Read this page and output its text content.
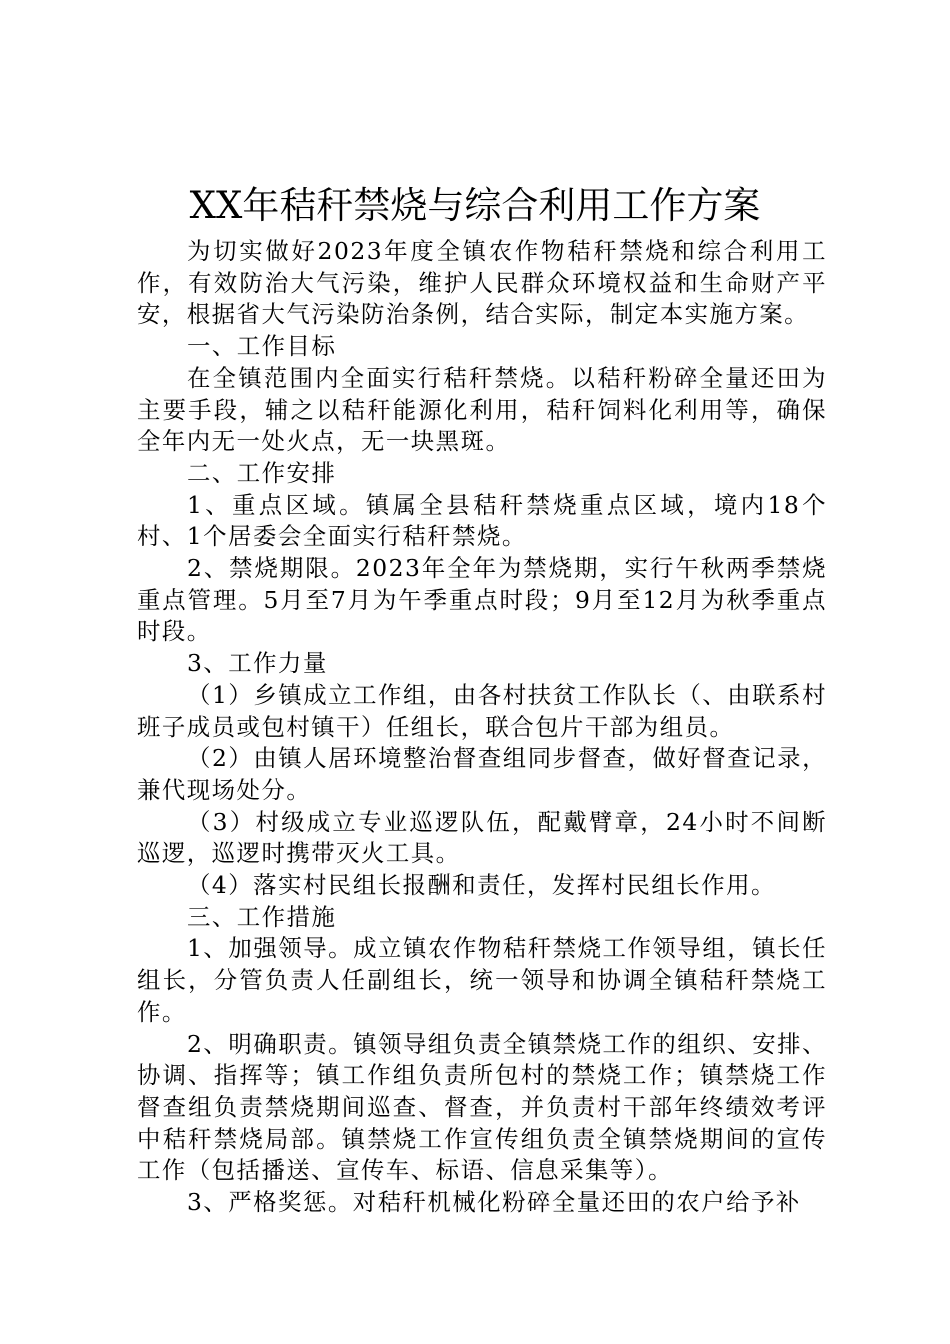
XX年秸秆禁烧与综合利用工作方案

为切实做好2023年度全镇农作物秸秆禁烧和综合利用工作，有效防治大气污染，维护人民群众环境权益和生命财产平安，根据省大气污染防治条例，结合实际，制定本实施方案。

一、工作目标

在全镇范围内全面实行秸秆禁烧。以秸秆粉碎全量还田为主要手段，辅之以秸秆能源化利用，秸秆饲料化利用等，确保全年内无一处火点，无一块黑斑。

二、工作安排

1、重点区域。镇属全县秸秆禁烧重点区域，境内18个村、1个居委会全面实行秸秆禁烧。

2、禁烧期限。2023年全年为禁烧期，实行午秋两季禁烧重点管理。5月至7月为午季重点时段；9月至12月为秋季重点时段。

3、工作力量

（1）乡镇成立工作组，由各村扶贫工作队长（、由联系村班子成员或包村镇干）任组长，联合包片干部为组员。

（2）由镇人居环境整治督查组同步督查，做好督查记录，兼代现场处分。

（3）村级成立专业巡逻队伍，配戴臂章，24小时不间断巡逻，巡逻时携带灭火工具。

（4）落实村民组长报酬和责任，发挥村民组长作用。

三、工作措施

1、加强领导。成立镇农作物秸秆禁烧工作领导组，镇长任组长，分管负责人任副组长，统一领导和协调全镇秸秆禁烧工作。

2、明确职责。镇领导组负责全镇禁烧工作的组织、安排、协调、指挥等；镇工作组负责所包村的禁烧工作；镇禁烧工作督查组负责禁烧期间巡查、督查，并负责村干部年终绩效考评中秸秆禁烧局部。镇禁烧工作宣传组负责全镇禁烧期间的宣传工作（包括播送、宣传车、标语、信息采集等）。

3、严格奖惩。对秸秆机械化粉碎全量还田的农户给予补
